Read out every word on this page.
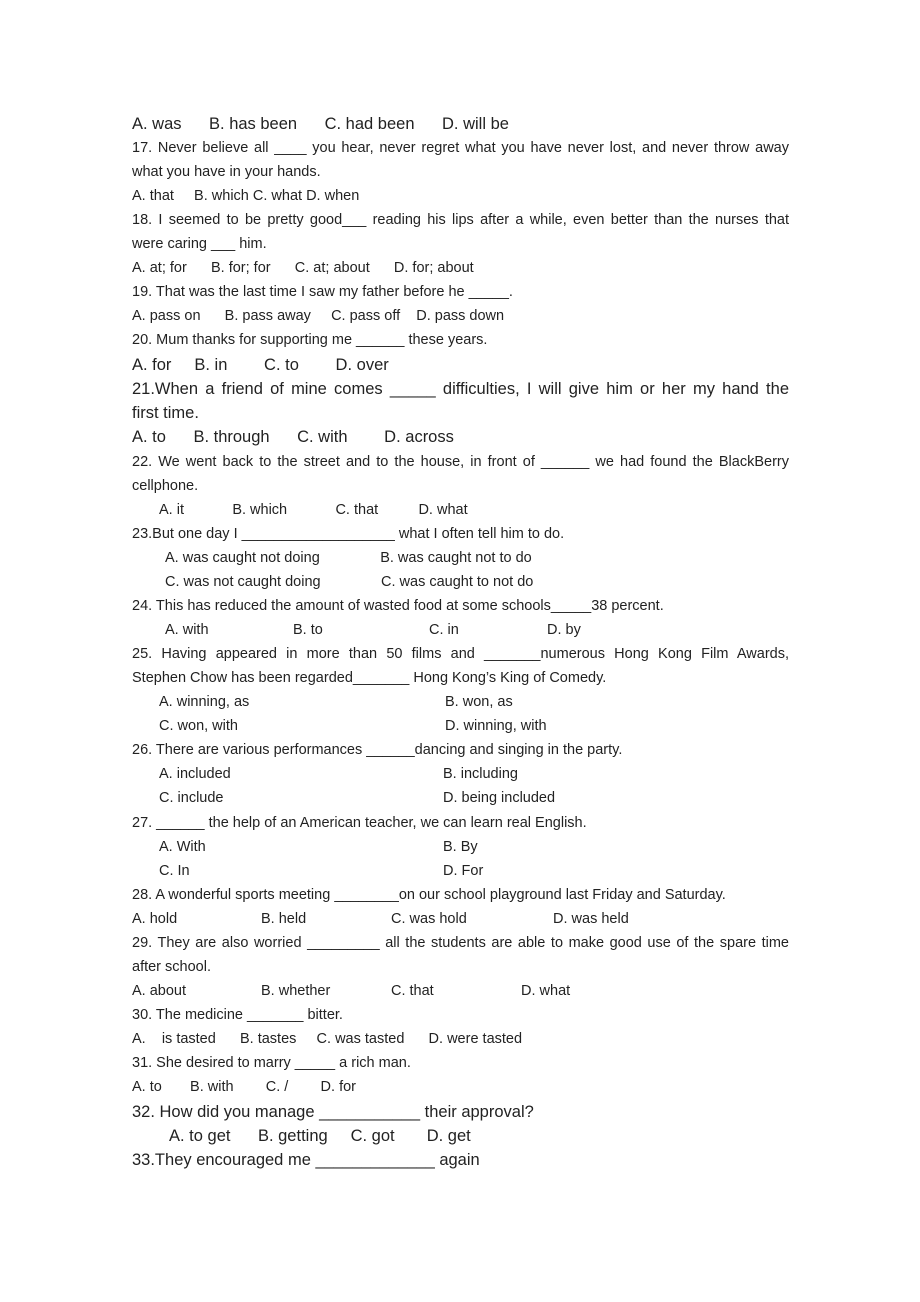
A. was      B. has been      C. had been      D. will be
17. Never believe all ____ you hear, never regret what you have never lost, and never throw away
what you have in your hands.
A. that     B. which C. what D. when
18. I seemed to be pretty good___ reading his lips after a while, even better than the nurses that
were caring ___ him.
A. at; for      B. for; for      C. at; about      D. for; about
19. That was the last time I saw my father before he _____.
A. pass on      B. pass away     C. pass off    D. pass down
20. Mum thanks for supporting me ______ these years.
A. for     B. in        C. to        D. over
21.When a friend of mine comes _____ difficulties, I will give him or her my hand the
first time.
A. to      B. through      C. with        D. across
22. We went back to the street and to the house, in front of ______ we had found the BlackBerry
cellphone.
A. it            B. which            C. that          D. what
23.But one day I ___________________ what I often tell him to do.
A. was caught not doing               B. was caught not to do
C. was not caught doing               C. was caught to not do
24. This has reduced the amount of wasted food at some schools_____38 percent.
A. with	B. to	C. in	D. by
25. Having appeared in more than 50 films and _______numerous Hong Kong Film Awards,
Stephen Chow has been regarded_______ Hong Kong’s King of Comedy.
A. winning, as	B. won, as
C. won, with	D. winning, with
26. There are various performances ______dancing and singing in the party.
A. included	B. including
C. include	D. being included
27. ______ the help of an American teacher, we can learn real English.
A. With	B. By
C. In	D. For
28. A wonderful sports meeting ________on our school playground last Friday and Saturday.
A. hold	B. held	C. was hold	D. was held
29. They are also worried _________ all the students are able to make good use of the spare time
after school.
A. about	B. whether	C. that	D. what
30. The medicine _______ bitter.
A.    is tasted      B. tastes     C. was tasted      D. were tasted
31. She desired to marry _____ a rich man.
A. to       B. with        C. /        D. for
32. How did you manage ___________ their approval?
A. to get      B. getting     C. got       D. get
33.They encouraged me _____________ again
